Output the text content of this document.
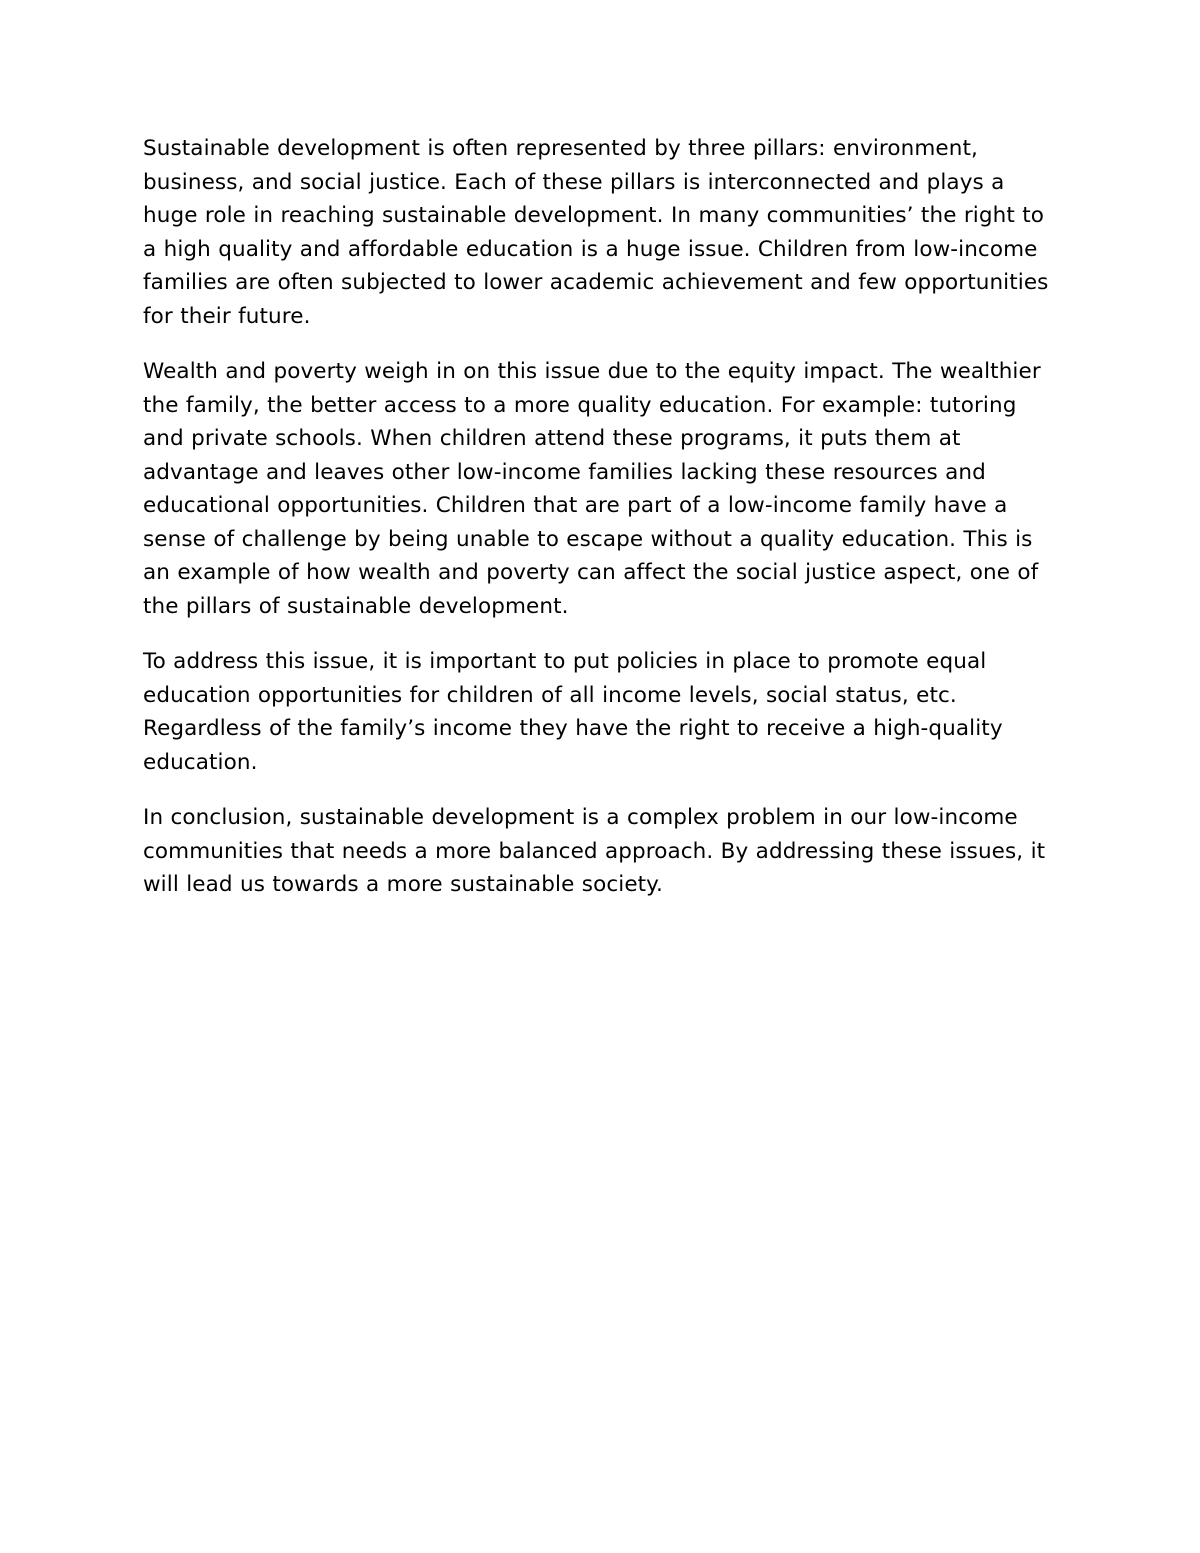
Sustainable development is often represented by three pillars: environment, business, and social justice. Each of these pillars is interconnected and plays a huge role in reaching sustainable development. In many communities’ the right to a high quality and affordable education is a huge issue. Children from low-income families are often subjected to lower academic achievement and few opportunities for their future.

Wealth and poverty weigh in on this issue due to the equity impact. The wealthier the family, the better access to a more quality education. For example: tutoring and private schools. When children attend these programs, it puts them at advantage and leaves other low-income families lacking these resources and educational opportunities. Children that are part of a low-income family have a sense of challenge by being unable to escape without a quality education. This is an example of how wealth and poverty can affect the social justice aspect, one of the pillars of sustainable development.

To address this issue, it is important to put policies in place to promote equal education opportunities for children of all income levels, social status, etc. Regardless of the family’s income they have the right to receive a high-quality education.

In conclusion, sustainable development is a complex problem in our low-income communities that needs a more balanced approach. By addressing these issues, it will lead us towards a more sustainable society.
